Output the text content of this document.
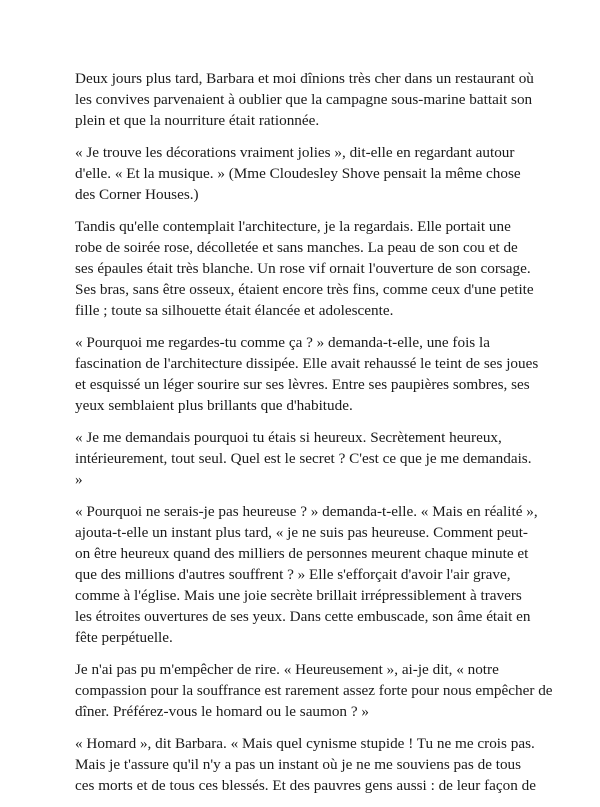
Deux jours plus tard, Barbara et moi dînions très cher dans un restaurant où
les convives parvenaient à oublier que la campagne sous-marine battait son
plein et que la nourriture était rationnée.

« Je trouve les décorations vraiment jolies », dit-elle en regardant autour
d'elle. « Et la musique. » (Mme Cloudesley Shove pensait la même chose
des Corner Houses.)

Tandis qu'elle contemplait l'architecture, je la regardais. Elle portait une
robe de soirée rose, décolletée et sans manches. La peau de son cou et de
ses épaules était très blanche. Un rose vif ornait l'ouverture de son corsage.
Ses bras, sans être osseux, étaient encore très fins, comme ceux d'une petite
fille ; toute sa silhouette était élancée et adolescente.

« Pourquoi me regardes-tu comme ça ? » demanda-t-elle, une fois la
fascination de l'architecture dissipée. Elle avait rehaussé le teint de ses joues
et esquissé un léger sourire sur ses lèvres. Entre ses paupières sombres, ses
yeux semblaient plus brillants que d'habitude.

« Je me demandais pourquoi tu étais si heureux. Secrètement heureux,
intérieurement, tout seul. Quel est le secret ? C'est ce que je me demandais.
»

« Pourquoi ne serais-je pas heureuse ? » demanda-t-elle. « Mais en réalité »,
ajouta-t-elle un instant plus tard, « je ne suis pas heureuse. Comment peut-
on être heureux quand des milliers de personnes meurent chaque minute et
que des millions d'autres souffrent ? » Elle s'efforçait d'avoir l'air grave,
comme à l'église. Mais une joie secrète brillait irrépressiblement à travers
les étroites ouvertures de ses yeux. Dans cette embuscade, son âme était en
fête perpétuelle.

Je n'ai pas pu m'empêcher de rire. « Heureusement », ai-je dit, « notre
compassion pour la souffrance est rarement assez forte pour nous empêcher de
dîner. Préférez-vous le homard ou le saumon ? »

« Homard », dit Barbara. « Mais quel cynisme stupide ! Tu ne me crois pas.
Mais je t'assure qu'il n'y a pas un instant où je ne me souviens pas de tous
ces morts et de tous ces blessés. Et des pauvres gens aussi : de leur façon de
